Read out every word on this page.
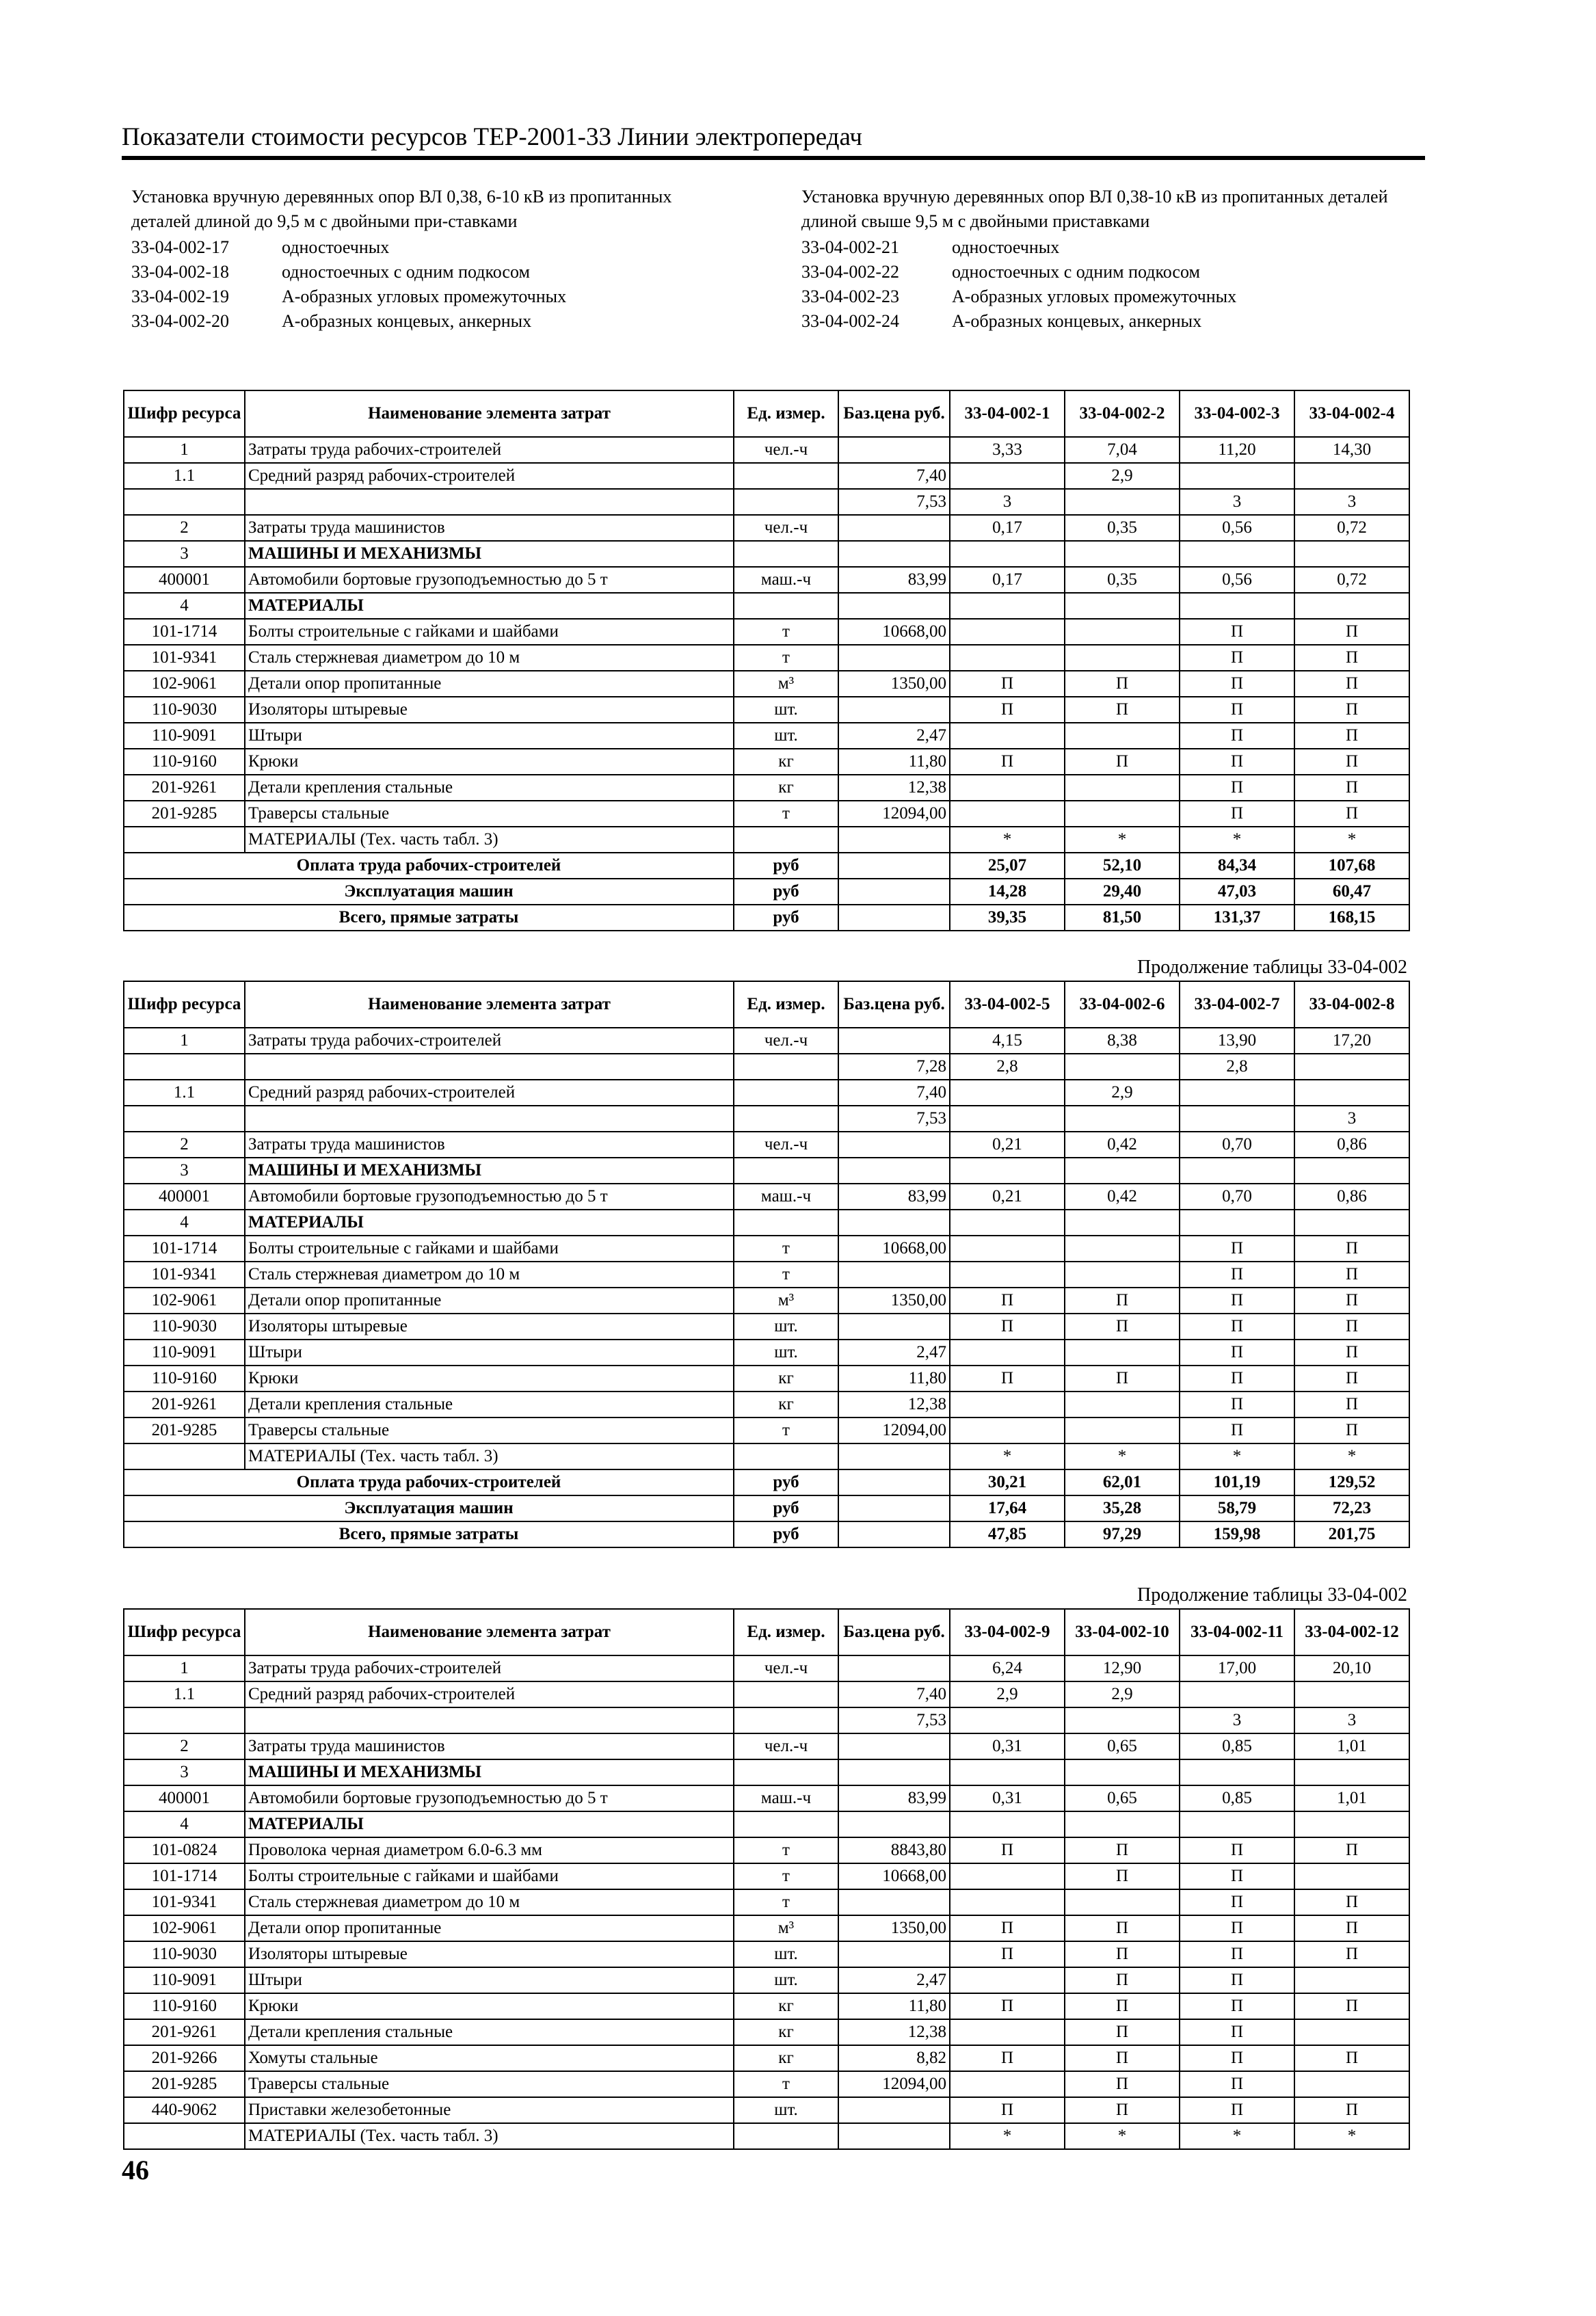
Показатели стоимости ресурсов ТЕР-2001-33 Линии электропередач
Установка вручную деревянных опор ВЛ 0,38, 6-10 кВ из пропитанных деталей длиной до 9,5 м с двойными при-ставками
33-04-002-17	одностоечных
33-04-002-18	одностоечных с одним подкосом
33-04-002-19	А-образных угловых промежуточных
33-04-002-20	А-образных концевых, анкерных
Установка вручную деревянных опор ВЛ 0,38-10 кВ из пропитанных деталей длиной свыше 9,5 м с двойными приставками
33-04-002-21	одностоечных
33-04-002-22	одностоечных с одним подкосом
33-04-002-23	А-образных угловых промежуточных
33-04-002-24	А-образных концевых, анкерных
Шифр ресурса	Наименование элемента затрат	Ед. измер.	Баз.цена руб.	33-04-002-1	33-04-002-2	33-04-002-3	33-04-002-4
1	Затраты труда рабочих-строителей	чел.-ч		3,33	7,04	11,20	14,30
1.1	Средний разряд рабочих-строителей		7,40		2,9		
			7,53	3		3	3
2	Затраты труда машинистов	чел.-ч		0,17	0,35	0,56	0,72
3	МАШИНЫ И МЕХАНИЗМЫ						
400001	Автомобили бортовые грузоподъемностью до 5 т	маш.-ч	83,99	0,17	0,35	0,56	0,72
4	МАТЕРИАЛЫ						
101-1714	Болты строительные с гайками и шайбами	т	10668,00			П	П
101-9341	Сталь стержневая диаметром до 10 м	т				П	П
102-9061	Детали опор пропитанные	м³	1350,00	П	П	П	П
110-9030	Изоляторы штыревые	шт.		П	П	П	П
110-9091	Штыри	шт.	2,47			П	П
110-9160	Крюки	кг	11,80	П	П	П	П
201-9261	Детали крепления стальные	кг	12,38			П	П
201-9285	Траверсы стальные	т	12094,00			П	П
	МАТЕРИАЛЫ (Тех. часть табл. 3)			*	*	*	*
Оплата труда рабочих-строителей		руб		25,07	52,10	84,34	107,68
Эксплуатация машин		руб		14,28	29,40	47,03	60,47
Всего, прямые затраты		руб		39,35	81,50	131,37	168,15
Продолжение таблицы 33-04-002
Шифр ресурса	Наименование элемента затрат	Ед. измер.	Баз.цена руб.	33-04-002-5	33-04-002-6	33-04-002-7	33-04-002-8
1	Затраты труда рабочих-строителей	чел.-ч		4,15	8,38	13,90	17,20
			7,28	2,8		2,8	
1.1	Средний разряд рабочих-строителей		7,40		2,9		
			7,53				3
2	Затраты труда машинистов	чел.-ч		0,21	0,42	0,70	0,86
3	МАШИНЫ И МЕХАНИЗМЫ						
400001	Автомобили бортовые грузоподъемностью до 5 т	маш.-ч	83,99	0,21	0,42	0,70	0,86
4	МАТЕРИАЛЫ						
101-1714	Болты строительные с гайками и шайбами	т	10668,00			П	П
101-9341	Сталь стержневая диаметром до 10 м	т				П	П
102-9061	Детали опор пропитанные	м³	1350,00	П	П	П	П
110-9030	Изоляторы штыревые	шт.		П	П	П	П
110-9091	Штыри	шт.	2,47			П	П
110-9160	Крюки	кг	11,80	П	П	П	П
201-9261	Детали крепления стальные	кг	12,38			П	П
201-9285	Траверсы стальные	т	12094,00			П	П
	МАТЕРИАЛЫ (Тех. часть табл. 3)			*	*	*	*
Оплата труда рабочих-строителей		руб		30,21	62,01	101,19	129,52
Эксплуатация машин		руб		17,64	35,28	58,79	72,23
Всего, прямые затраты		руб		47,85	97,29	159,98	201,75
Продолжение таблицы 33-04-002
Шифр ресурса	Наименование элемента затрат	Ед. измер.	Баз.цена руб.	33-04-002-9	33-04-002-10	33-04-002-11	33-04-002-12
1	Затраты труда рабочих-строителей	чел.-ч		6,24	12,90	17,00	20,10
1.1	Средний разряд рабочих-строителей		7,40	2,9	2,9		
			7,53			3	3
2	Затраты труда машинистов	чел.-ч		0,31	0,65	0,85	1,01
3	МАШИНЫ И МЕХАНИЗМЫ						
400001	Автомобили бортовые грузоподъемностью до 5 т	маш.-ч	83,99	0,31	0,65	0,85	1,01
4	МАТЕРИАЛЫ						
101-0824	Проволока черная диаметром 6.0-6.3 мм	т	8843,80	П	П	П	П
101-1714	Болты строительные с гайками и шайбами	т	10668,00		П	П	
101-9341	Сталь стержневая диаметром до 10 м	т				П	П
102-9061	Детали опор пропитанные	м³	1350,00	П	П	П	П
110-9030	Изоляторы штыревые	шт.		П	П	П	П
110-9091	Штыри	шт.	2,47		П	П	
110-9160	Крюки	кг	11,80	П	П	П	П
201-9261	Детали крепления стальные	кг	12,38		П	П	
201-9266	Хомуты стальные	кг	8,82	П	П	П	П
201-9285	Траверсы стальные	т	12094,00		П	П	
440-9062	Приставки железобетонные	шт.		П	П	П	П
	МАТЕРИАЛЫ (Тех. часть табл. 3)			*	*	*	*
46
